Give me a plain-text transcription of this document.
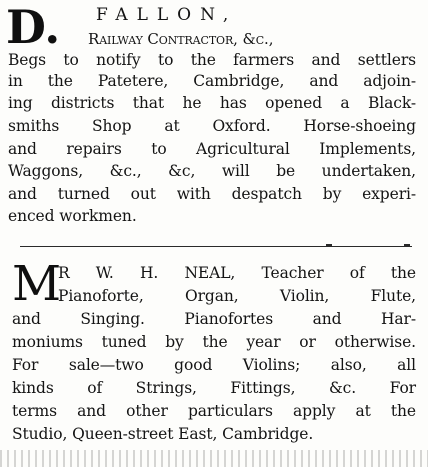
D. FALLON,
Railway Contractor, &c.,
Begs to notify to the farmers and settlers
in the Patetere, Cambridge, and adjoin-
ing districts that he has opened a Black-
smiths Shop at Oxford. Horse-shoeing
and repairs to Agricultural Implements,
Waggons, &c., &c, will be undertaken,
and turned out with despatch by experi-
enced workmen.
M
R W. H. NEAL, Teacher of the
Pianoforte, Organ, Violin, Flute,
and Singing. Pianofortes and Har-
moniums tuned by the year or otherwise.
For sale—two good Violins; also, all
kinds of Strings, Fittings, &c. For
terms and other particulars apply at the
Studio, Queen-street East, Cambridge.
